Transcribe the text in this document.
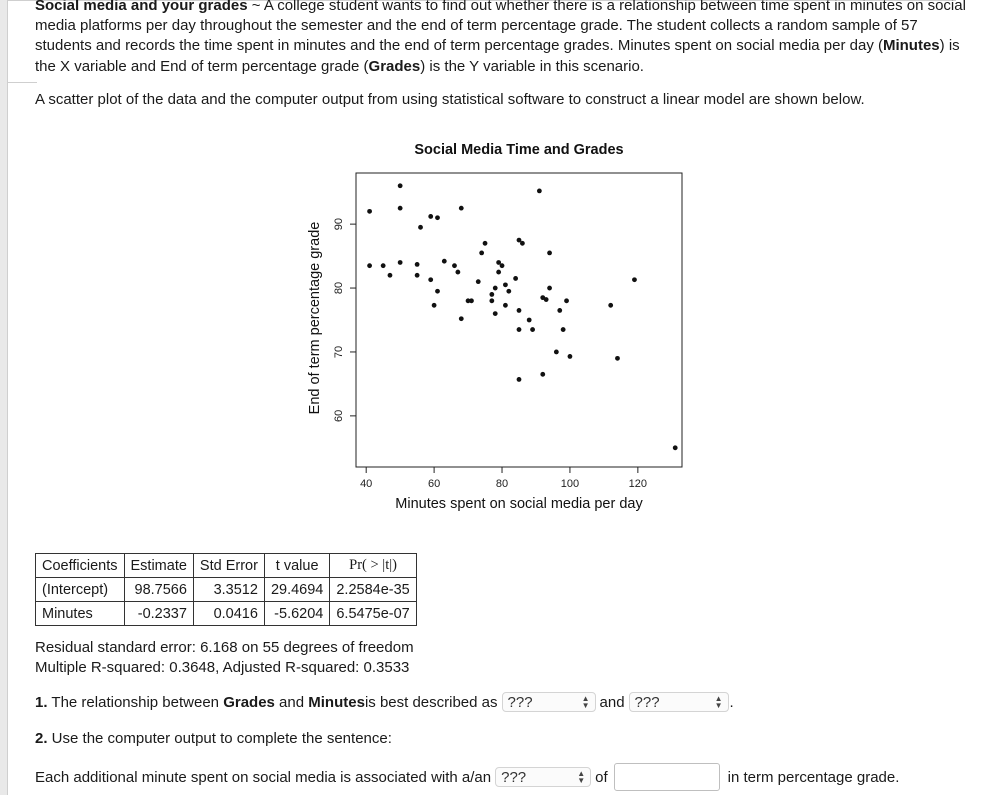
Social media and your grades ~ A college student wants to find out whether there is a relationship between time spent in minutes on social media platforms per day throughout the semester and the end of term percentage grade. The student collects a random sample of 57 students and records the time spent in minutes and the end of term percentage grades. Minutes spent on social media per day (Minutes) is the X variable and End of term percentage grade (Grades) is the Y variable in this scenario.

A scatter plot of the data and the computer output from using statistical software to construct a linear model are shown below.
Social Media Time and Grades
40	60	80	100	120
60
70
80
90
Minutes spent on social media per day
End of term percentage grade
Coefficients	Estimate	Std Error	t value	Pr( > |t|)
(Intercept)	98.7566	3.3512	29.4694	2.2584e-35
Minutes	-0.2337	0.0416	-5.6204	6.5475e-07
Residual standard error: 6.168 on 55 degrees of freedom
Multiple R-squared: 0.3648, Adjusted R-squared: 0.3533
1. The relationship between Grades and Minutes is best described as ???	▲
▼ and ???	▲
▼ .
2. Use the computer output to complete the sentence:
Each additional minute spent on social media is associated with a/an ???	▲
▼ of	in term percentage grade.
